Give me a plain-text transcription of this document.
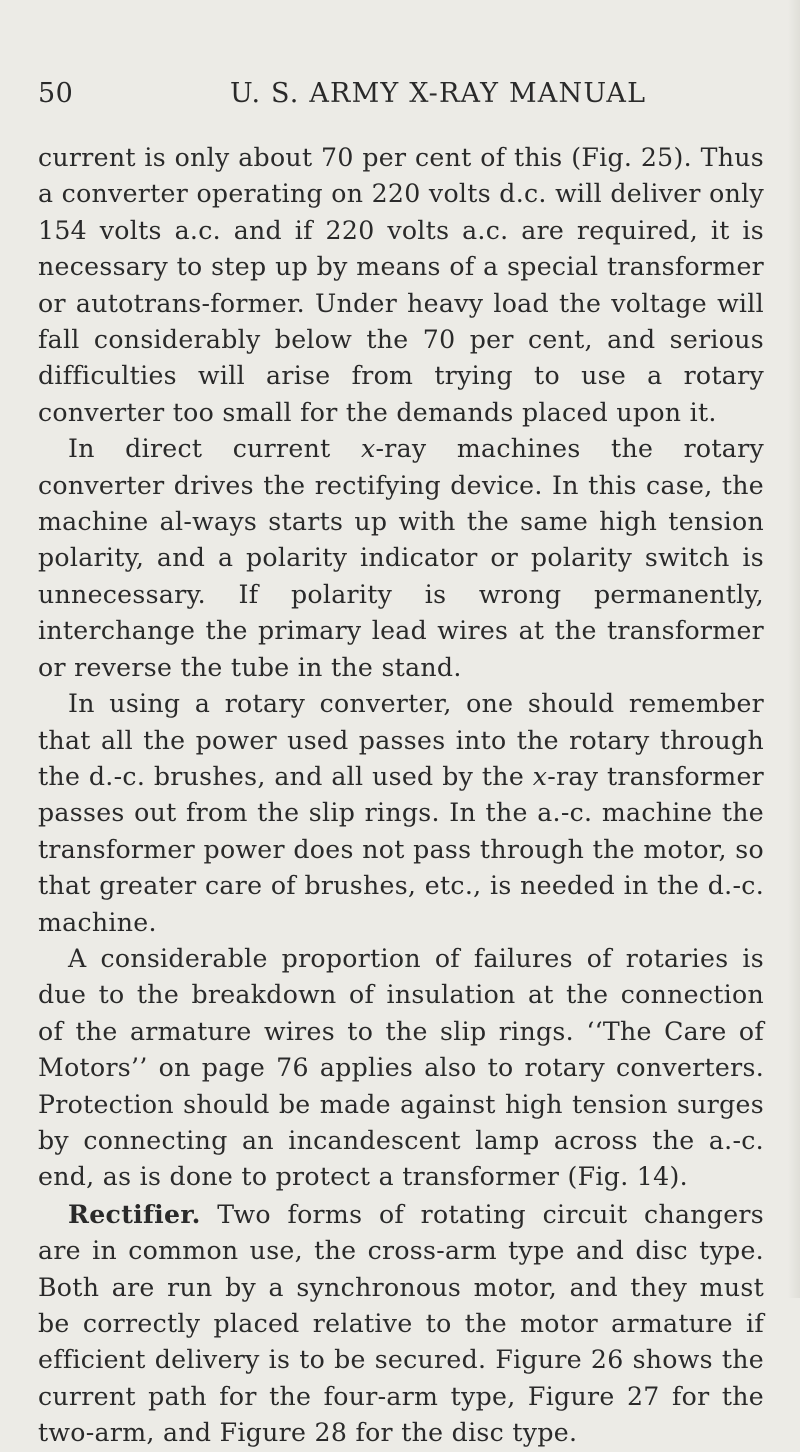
50	U. S. ARMY X-RAY MANUAL

current is only about 70 per cent of this (Fig. 25). Thus a converter operating on 220 volts d.c. will deliver only 154 volts a.c. and if 220 volts a.c. are required, it is necessary to step up by means of a special transformer or autotrans-former. Under heavy load the voltage will fall considerably below the 70 per cent, and serious difficulties will arise from trying to use a rotary converter too small for the demands placed upon it.

In direct current x-ray machines the rotary converter drives the rectifying device. In this case, the machine al-ways starts up with the same high tension polarity, and a polarity indicator or polarity switch is unnecessary. If polarity is wrong permanently, interchange the primary lead wires at the transformer or reverse the tube in the stand.

In using a rotary converter, one should remember that all the power used passes into the rotary through the d.-c. brushes, and all used by the x-ray transformer passes out from the slip rings. In the a.-c. machine the transformer power does not pass through the motor, so that greater care of brushes, etc., is needed in the d.-c. machine.

A considerable proportion of failures of rotaries is due to the breakdown of insulation at the connection of the armature wires to the slip rings. ‘‘The Care of Motors’’ on page 76 applies also to rotary converters. Protection should be made against high tension surges by connecting an incandescent lamp across the a.-c. end, as is done to protect a transformer (Fig. 14).

Rectifier. Two forms of rotating circuit changers are in common use, the cross-arm type and disc type. Both are run by a synchronous motor, and they must be correctly placed relative to the motor armature if efficient delivery is to be secured. Figure 26 shows the current path for the four-arm type, Figure 27 for the two-arm, and Figure 28 for the disc type.
